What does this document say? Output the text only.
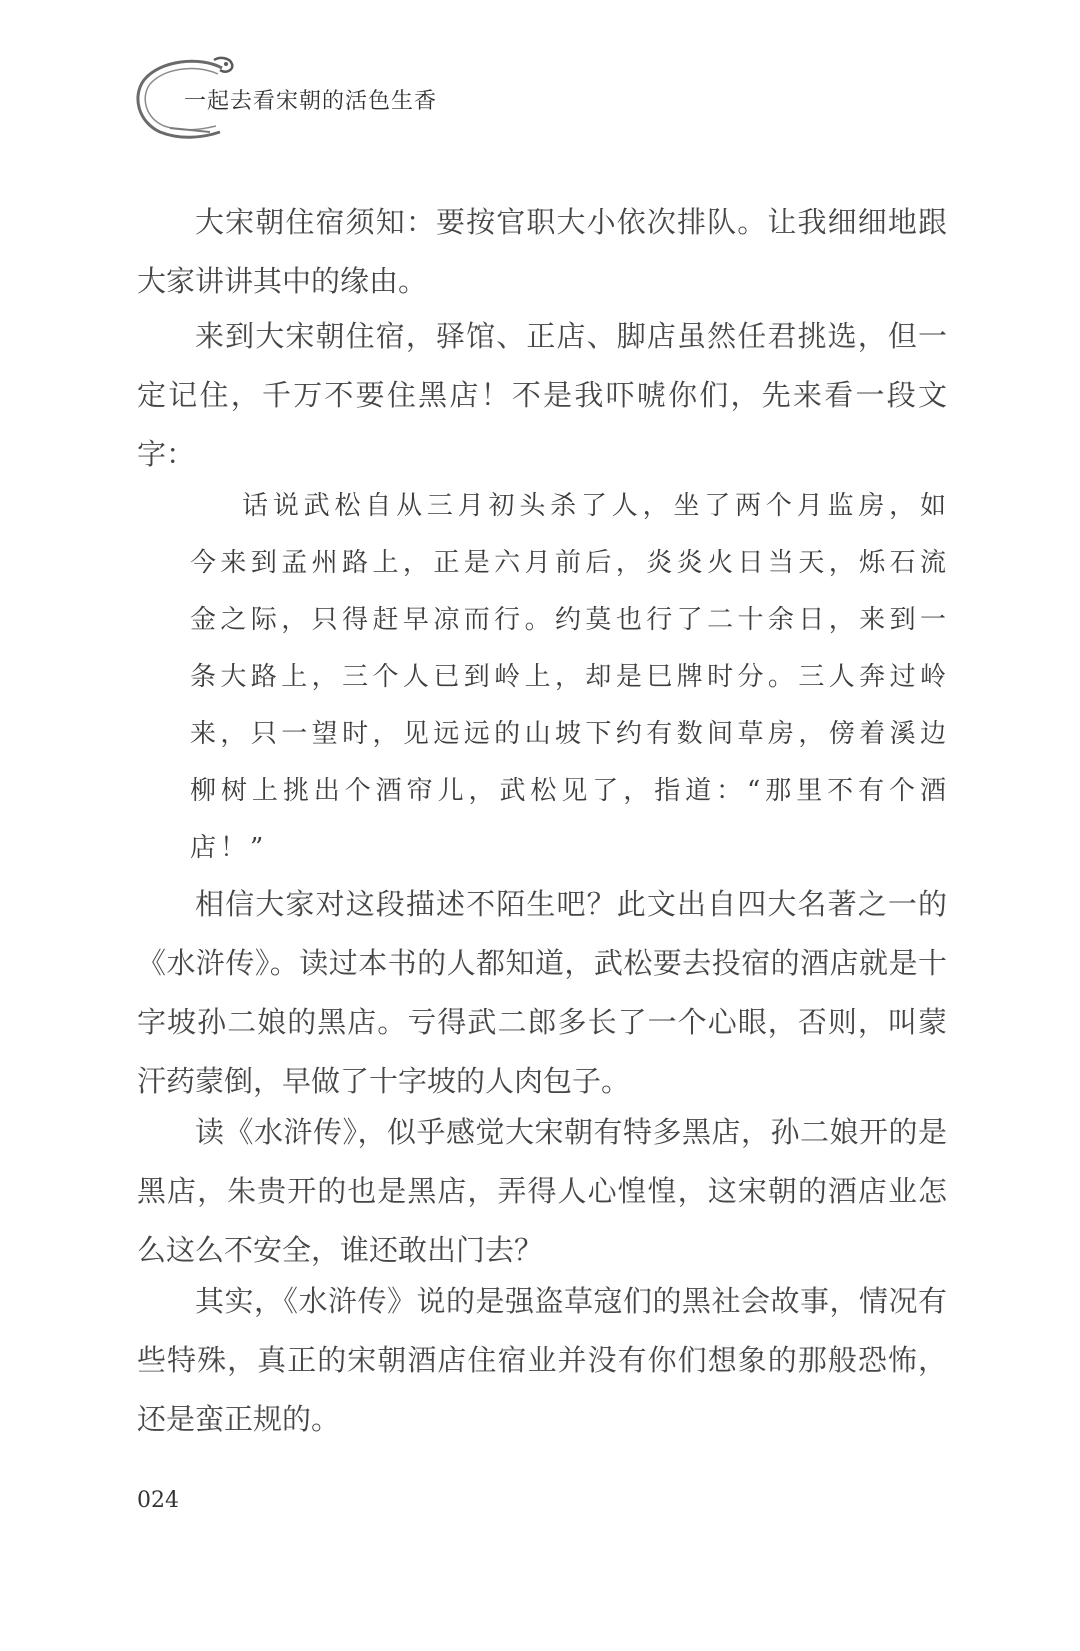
一起去看宋朝的活色生香

大宋朝住宿须知：要按官职大小依次排队。让我细细地跟大家讲讲其中的缘由。

来到大宋朝住宿，驿馆、正店、脚店虽然任君挑选，但一定记住，千万不要住黑店！不是我吓唬你们，先来看一段文字：

话说武松自从三月初头杀了人，坐了两个月监房，如今来到孟州路上，正是六月前后，炎炎火日当天，烁石流金之际，只得赶早凉而行。约莫也行了二十余日，来到一条大路上，三个人已到岭上，却是巳牌时分。三人奔过岭来，只一望时，见远远的山坡下约有数间草房，傍着溪边柳树上挑出个酒帘儿，武松见了，指道：“那里不有个酒店！”

相信大家对这段描述不陌生吧？此文出自四大名著之一的《水浒传》。读过本书的人都知道，武松要去投宿的酒店就是十字坡孙二娘的黑店。亏得武二郎多长了一个心眼，否则，叫蒙汗药蒙倒，早做了十字坡的人肉包子。

读《水浒传》，似乎感觉大宋朝有特多黑店，孙二娘开的是黑店，朱贵开的也是黑店，弄得人心惶惶，这宋朝的酒店业怎么这么不安全，谁还敢出门去？

其实，《水浒传》说的是强盗草寇们的黑社会故事，情况有些特殊，真正的宋朝酒店住宿业并没有你们想象的那般恐怖，还是蛮正规的。

024
